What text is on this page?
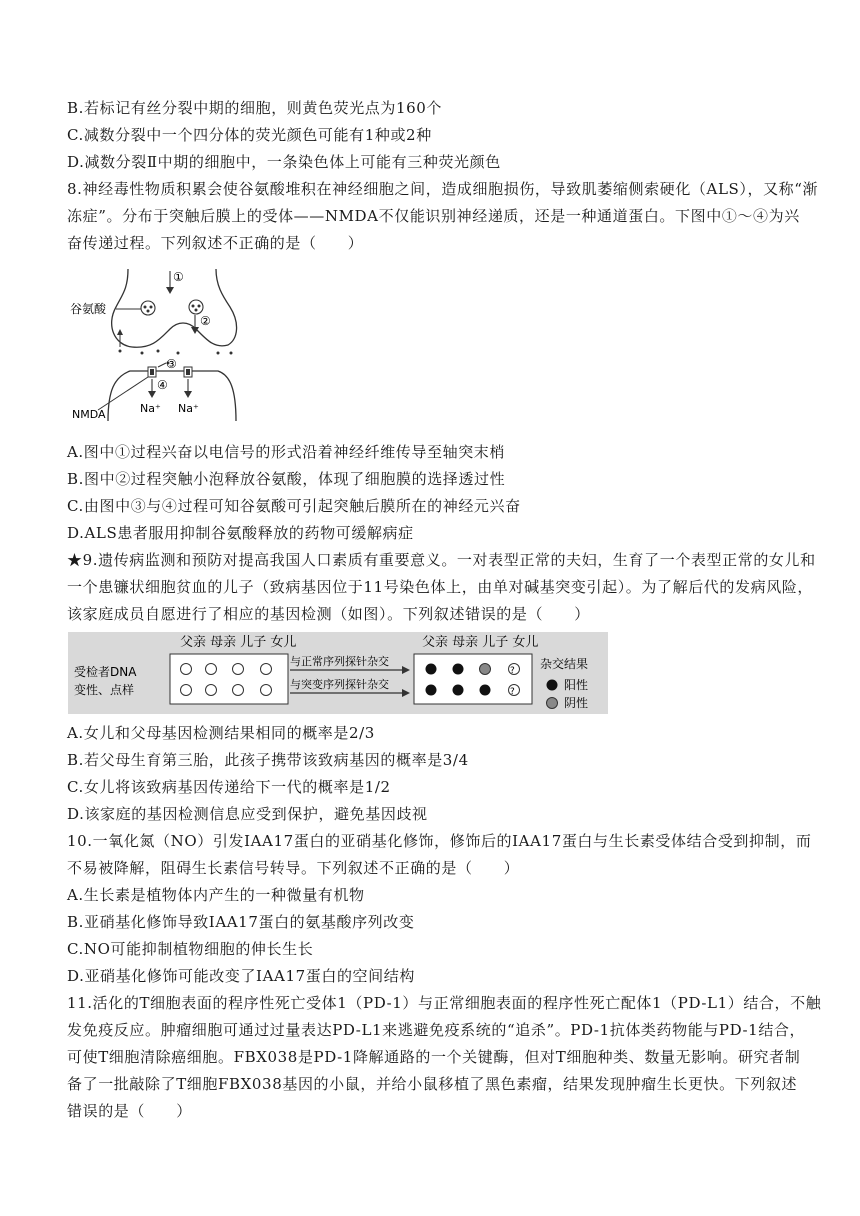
B.若标记有丝分裂中期的细胞，则黄色荧光点为160个
C.减数分裂中一个四分体的荧光颜色可能有1种或2种
D.减数分裂Ⅱ中期的细胞中，一条染色体上可能有三种荧光颜色
8.神经毒性物质积累会使谷氨酸堆积在神经细胞之间，造成细胞损伤，导致肌萎缩侧索硬化（ALS），又称“渐
冻症”。分布于突触后膜上的受体——NMDA不仅能识别神经递质，还是一种通道蛋白。下图中①～④为兴
奋传递过程。下列叙述不正确的是（　　）
①
②
③
④
谷氨酸
NMDA	Na⁺ Na⁺
A.图中①过程兴奋以电信号的形式沿着神经纤维传导至轴突末梢
B.图中②过程突触小泡释放谷氨酸，体现了细胞膜的选择透过性
C.由图中③与④过程可知谷氨酸可引起突触后膜所在的神经元兴奋
D.ALS患者服用抑制谷氨酸释放的药物可缓解病症
★9.遗传病监测和预防对提高我国人口素质有重要意义。一对表型正常的夫妇，生育了一个表型正常的女儿和
一个患镰状细胞贫血的儿子（致病基因位于11号染色体上，由单对碱基突变引起）。为了解后代的发病风险，
该家庭成员自愿进行了相应的基因检测（如图）。下列叙述错误的是（　　）
父亲 母亲 儿子 女儿	父亲 母亲 儿子 女儿
受检者DNA
变性、点样
与正常序列探针杂交
与突变序列探针杂交
?
?
杂交结果
阳性
阴性
A.女儿和父母基因检测结果相同的概率是2/3
B.若父母生育第三胎，此孩子携带该致病基因的概率是3/4
C.女儿将该致病基因传递给下一代的概率是1/2
D.该家庭的基因检测信息应受到保护，避免基因歧视
10.一氧化氮（NO）引发IAA17蛋白的亚硝基化修饰，修饰后的IAA17蛋白与生长素受体结合受到抑制，而
不易被降解，阻碍生长素信号转导。下列叙述不正确的是（　　）
A.生长素是植物体内产生的一种微量有机物
B.亚硝基化修饰导致IAA17蛋白的氨基酸序列改变
C.NO可能抑制植物细胞的伸长生长
D.亚硝基化修饰可能改变了IAA17蛋白的空间结构
11.活化的T细胞表面的程序性死亡受体1（PD-1）与正常细胞表面的程序性死亡配体1（PD-L1）结合，不触
发免疫反应。肿瘤细胞可通过过量表达PD-L1来逃避免疫系统的“追杀”。PD-1抗体类药物能与PD-1结合，
可使T细胞清除癌细胞。FBX038是PD-1降解通路的一个关键酶，但对T细胞种类、数量无影响。研究者制
备了一批敲除了T细胞FBX038基因的小鼠，并给小鼠移植了黑色素瘤，结果发现肿瘤生长更快。下列叙述
错误的是（　　）
